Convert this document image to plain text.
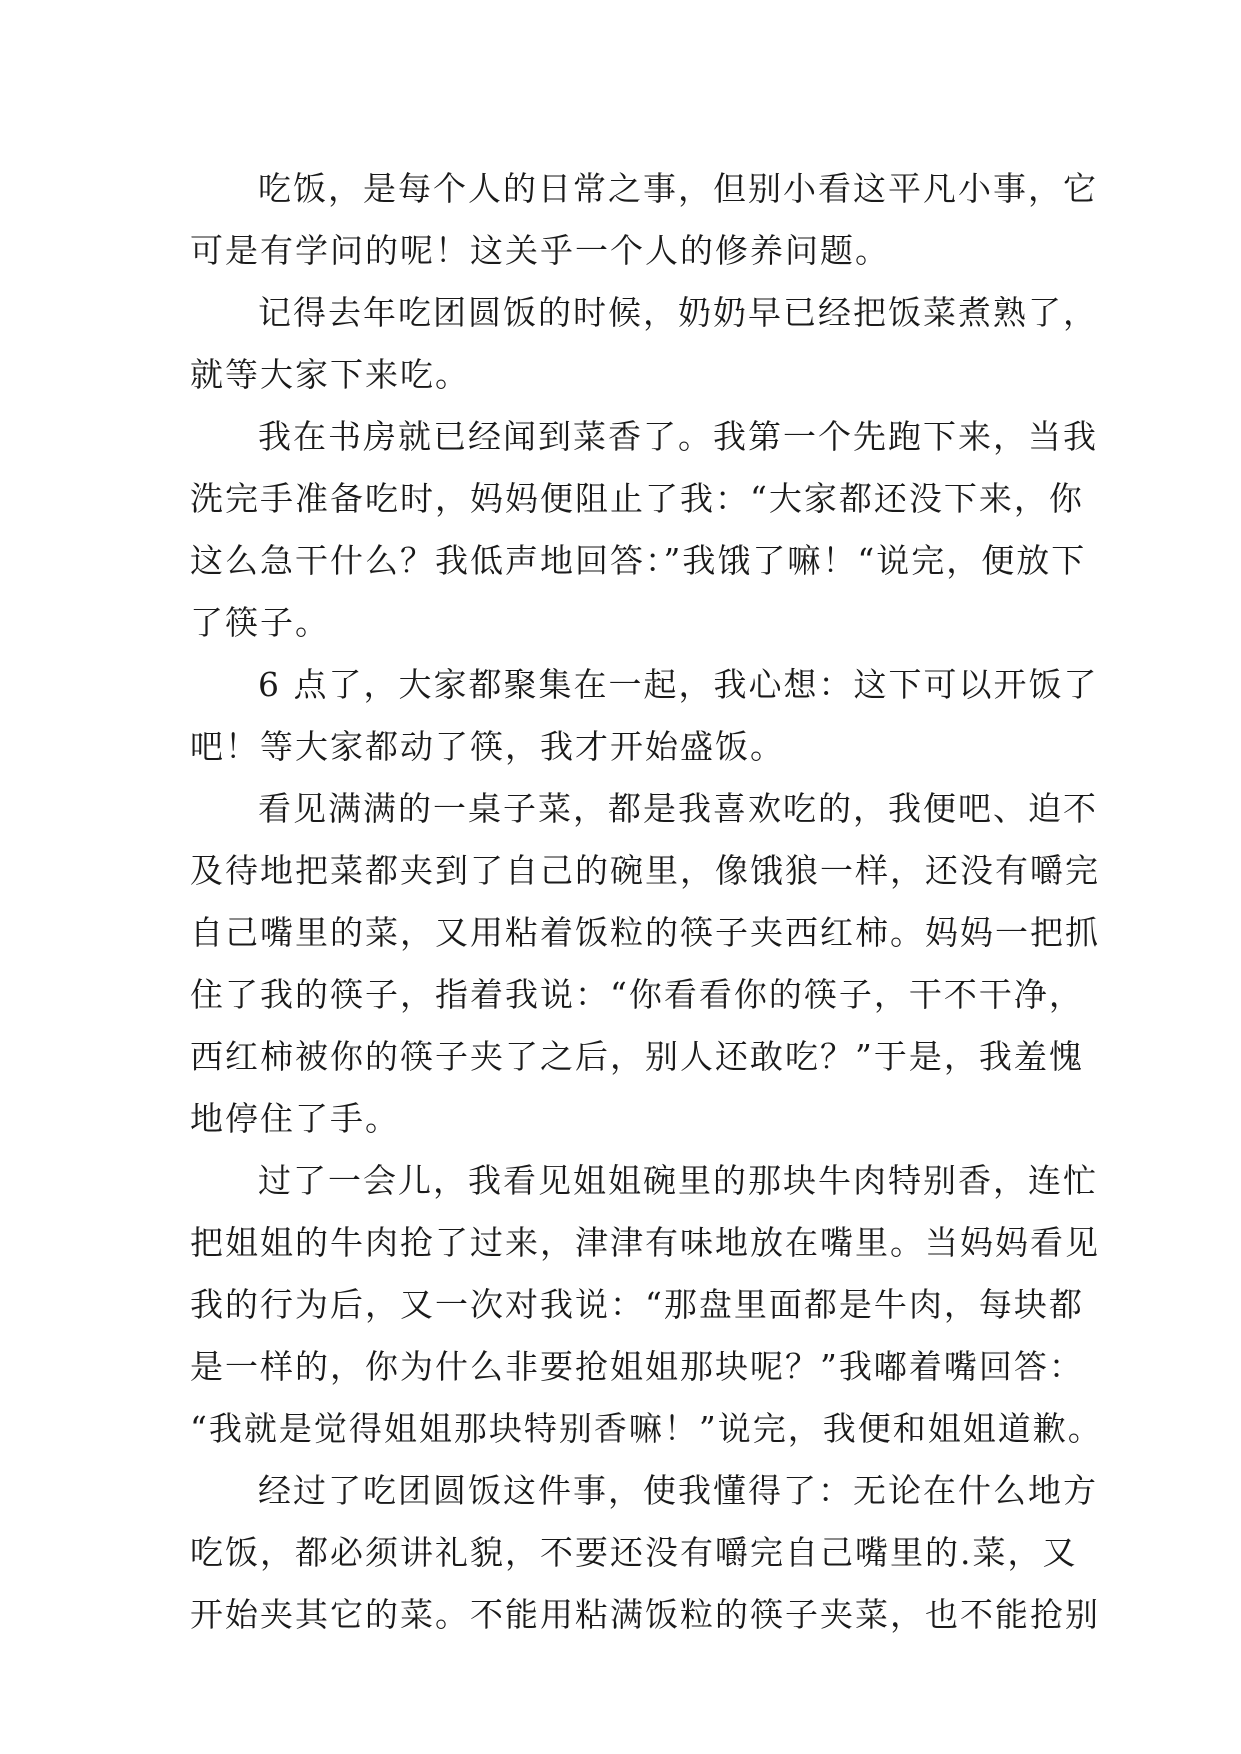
吃饭，是每个人的日常之事，但别小看这平凡小事，它
可是有学问的呢！这关乎一个人的修养问题。
记得去年吃团圆饭的时候，奶奶早已经把饭菜煮熟了，
就等大家下来吃。
我在书房就已经闻到菜香了。我第一个先跑下来，当我
洗完手准备吃时，妈妈便阻止了我：“大家都还没下来，你
这么急干什么？我低声地回答：”我饿了嘛！“说完，便放下
了筷子。
6 点了，大家都聚集在一起，我心想：这下可以开饭了
吧！等大家都动了筷，我才开始盛饭。
看见满满的一桌子菜，都是我喜欢吃的，我便吧、迫不
及待地把菜都夹到了自己的碗里，像饿狼一样，还没有嚼完
自己嘴里的菜，又用粘着饭粒的筷子夹西红柿。妈妈一把抓
住了我的筷子，指着我说：“你看看你的筷子，干不干净，
西红柿被你的筷子夹了之后，别人还敢吃？”于是，我羞愧
地停住了手。
过了一会儿，我看见姐姐碗里的那块牛肉特别香，连忙
把姐姐的牛肉抢了过来，津津有味地放在嘴里。当妈妈看见
我的行为后，又一次对我说：“那盘里面都是牛肉，每块都
是一样的，你为什么非要抢姐姐那块呢？”我嘟着嘴回答：
“我就是觉得姐姐那块特别香嘛！”说完，我便和姐姐道歉。
经过了吃团圆饭这件事，使我懂得了：无论在什么地方
吃饭，都必须讲礼貌，不要还没有嚼完自己嘴里的.菜，又
开始夹其它的菜。不能用粘满饭粒的筷子夹菜，也不能抢别
